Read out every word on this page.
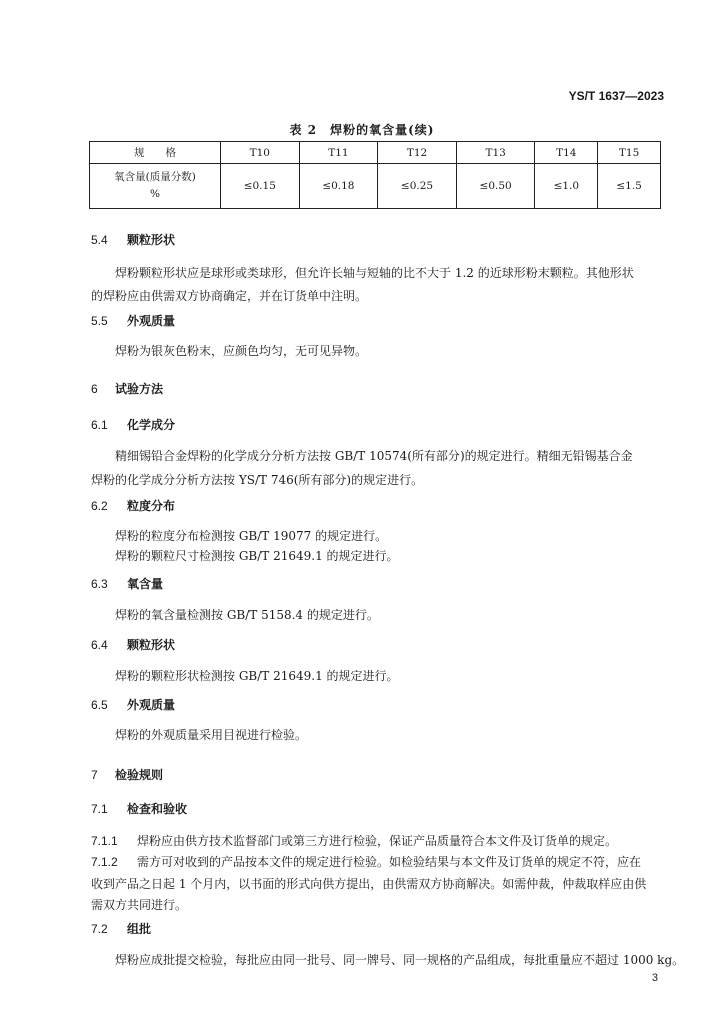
YS/T 1637—2023
表 2　焊粉的氧含量(续)
规　　格	T10	T11	T12	T13	T14	T15

氧含量(质量分数)
%	≤0.15	≤0.18	≤0.25	≤0.50	≤1.0	≤1.5
5.4 颗粒形状
焊粉颗粒形状应是球形或类球形，但允许长轴与短轴的比不大于 1.2 的近球形粉末颗粒。其他形状
的焊粉应由供需双方协商确定，并在订货单中注明。
5.5 外观质量
焊粉为银灰色粉末，应颜色均匀，无可见异物。
6 试验方法
6.1 化学成分
精细锡铅合金焊粉的化学成分分析方法按 GB/T 10574(所有部分)的规定进行。精细无铅锡基合金
焊粉的化学成分分析方法按 YS/T 746(所有部分)的规定进行。
6.2 粒度分布
焊粉的粒度分布检测按 GB/T 19077 的规定进行。
焊粉的颗粒尺寸检测按 GB/T 21649.1 的规定进行。
6.3 氧含量
焊粉的氧含量检测按 GB/T 5158.4 的规定进行。
6.4 颗粒形状
焊粉的颗粒形状检测按 GB/T 21649.1 的规定进行。
6.5 外观质量
焊粉的外观质量采用目视进行检验。
7 检验规则
7.1 检查和验收
7.1.1 焊粉应由供方技术监督部门或第三方进行检验，保证产品质量符合本文件及订货单的规定。
7.1.2 需方可对收到的产品按本文件的规定进行检验。如检验结果与本文件及订货单的规定不符，应在
收到产品之日起 1 个月内，以书面的形式向供方提出，由供需双方协商解决。如需仲裁，仲裁取样应由供
需双方共同进行。
7.2 组批
焊粉应成批提交检验，每批应由同一批号、同一牌号、同一规格的产品组成，每批重量应不超过 1000 kg。
3
